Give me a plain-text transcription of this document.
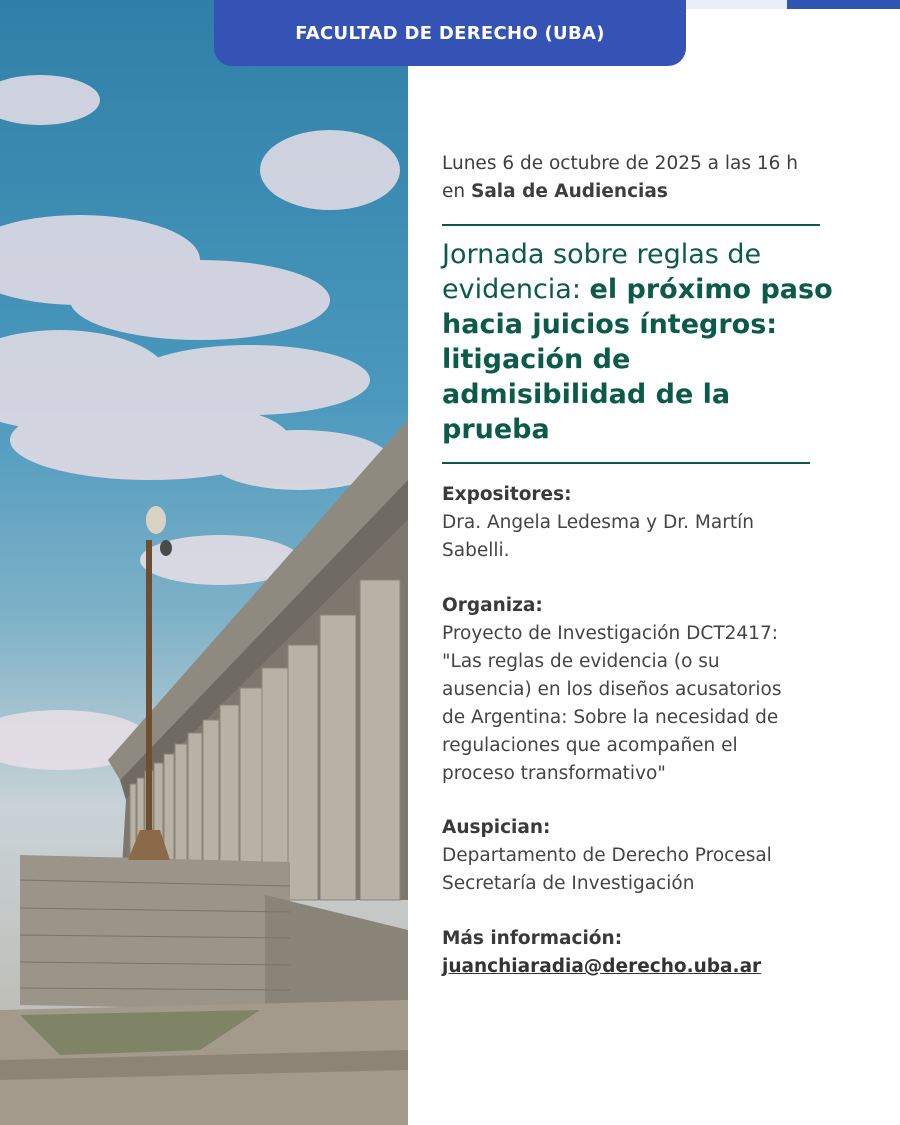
FACULTAD DE DERECHO (UBA)
Lunes 6 de octubre de 2025 a las 16 h
en Sala de Audiencias
Jornada sobre reglas de evidencia: el próximo paso hacia juicios íntegros: litigación de admisibilidad de la prueba
Expositores:
Dra. Angela Ledesma y Dr. Martín
Sabelli.
Organiza:
Proyecto de Investigación DCT2417:
"Las reglas de evidencia (o su
ausencia) en los diseños acusatorios
de Argentina: Sobre la necesidad de
regulaciones que acompañen el
proceso transformativo"
Auspician:
Departamento de Derecho Procesal
Secretaría de Investigación
Más información:
juanchiaradia@derecho.uba.ar
